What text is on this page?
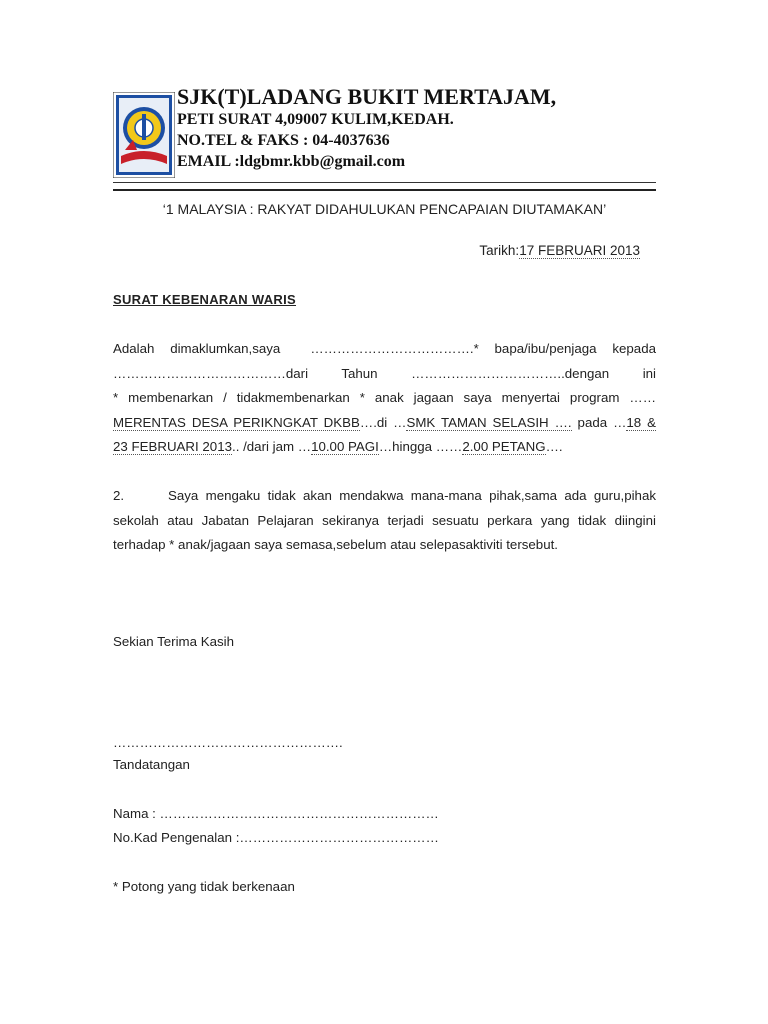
SJK(T)LADANG BUKIT MERTAJAM,

PETI SURAT 4,09007 KULIM,KEDAH.

NO.TEL & FAKS : 04-4037636

EMAIL :ldgbmr.kbb@gmail.com

‘1 MALAYSIA : RAKYAT DIDAHULUKAN PENCAPAIAN DIUTAMAKAN’

Tarikh:17 FEBRUARI 2013

SURAT KEBENARAN WARIS

Adalah dimaklumkan,saya ……………………………….* bapa/ibu/penjaga kepada
…………………………………dari Tahun	……………………………..dengan ini
* membenarkan / tidakmembenarkan * anak jagaan saya menyertai program ……
MERENTAS DESA PERIKNGKAT DKBB….di …SMK TAMAN SELASIH …. pada …18 &
23 FEBRUARI 2013.. /dari jam …10.00 PAGI…hingga ……2.00 PETANG….
2.      Saya mengaku tidak akan mendakwa mana-mana pihak,sama ada guru,pihak
sekolah atau Jabatan Pelajaran sekiranya terjadi sesuatu perkara yang tidak diingini
terhadap * anak/jagaan saya semasa,sebelum atau selepasaktiviti tersebut.

Sekian Terima Kasih

…………………………………………….

Tandatangan

Nama : ………………………………………………………

No.Kad Pengenalan :………………………………………

* Potong yang tidak berkenaan
